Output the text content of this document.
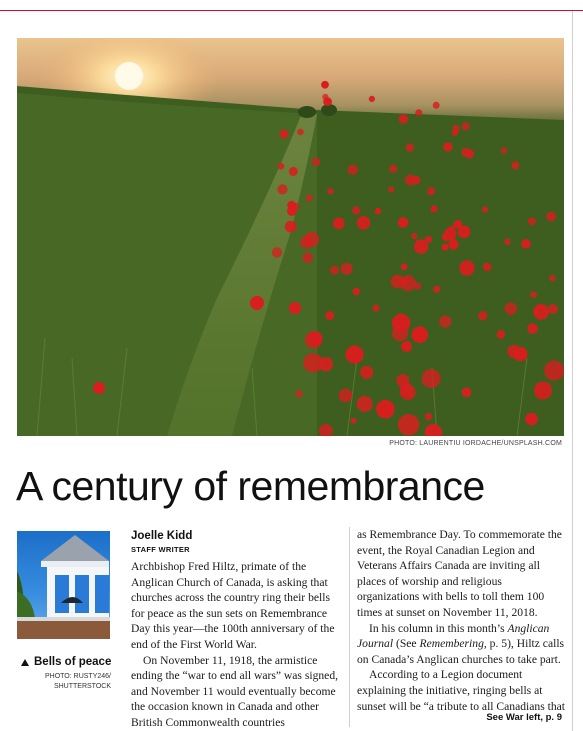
PHOTO: LAURENTIU IORDACHE/UNSPLASH.COM
A century of remembrance
Bells of peace
PHOTO: RUSTY246/
SHUTTERSTOCK
Joelle Kidd
STAFF WRITER

Archbishop Fred Hiltz, primate of the Anglican Church of Canada, is asking that churches across the country ring their bells for peace as the sun sets on Remembrance Day this year—the 100th anniversary of the end of the First World War.

On November 11, 1918, the armistice ending the “war to end all wars” was signed, and November 11 would eventually become the occasion known in Canada and other British Commonwealth countries

as Remembrance Day. To commemorate the event, the Royal Canadian Legion and Veterans Affairs Canada are inviting all places of worship and religious organizations with bells to toll them 100 times at sunset on November 11, 2018.

In his column in this month’s Anglican Journal (See Remembering, p. 5), Hiltz calls on Canada’s Anglican churches to take part.

According to a Legion document explaining the initiative, ringing bells at sunset will be “a tribute to all Canadians that

See War left, p. 9
